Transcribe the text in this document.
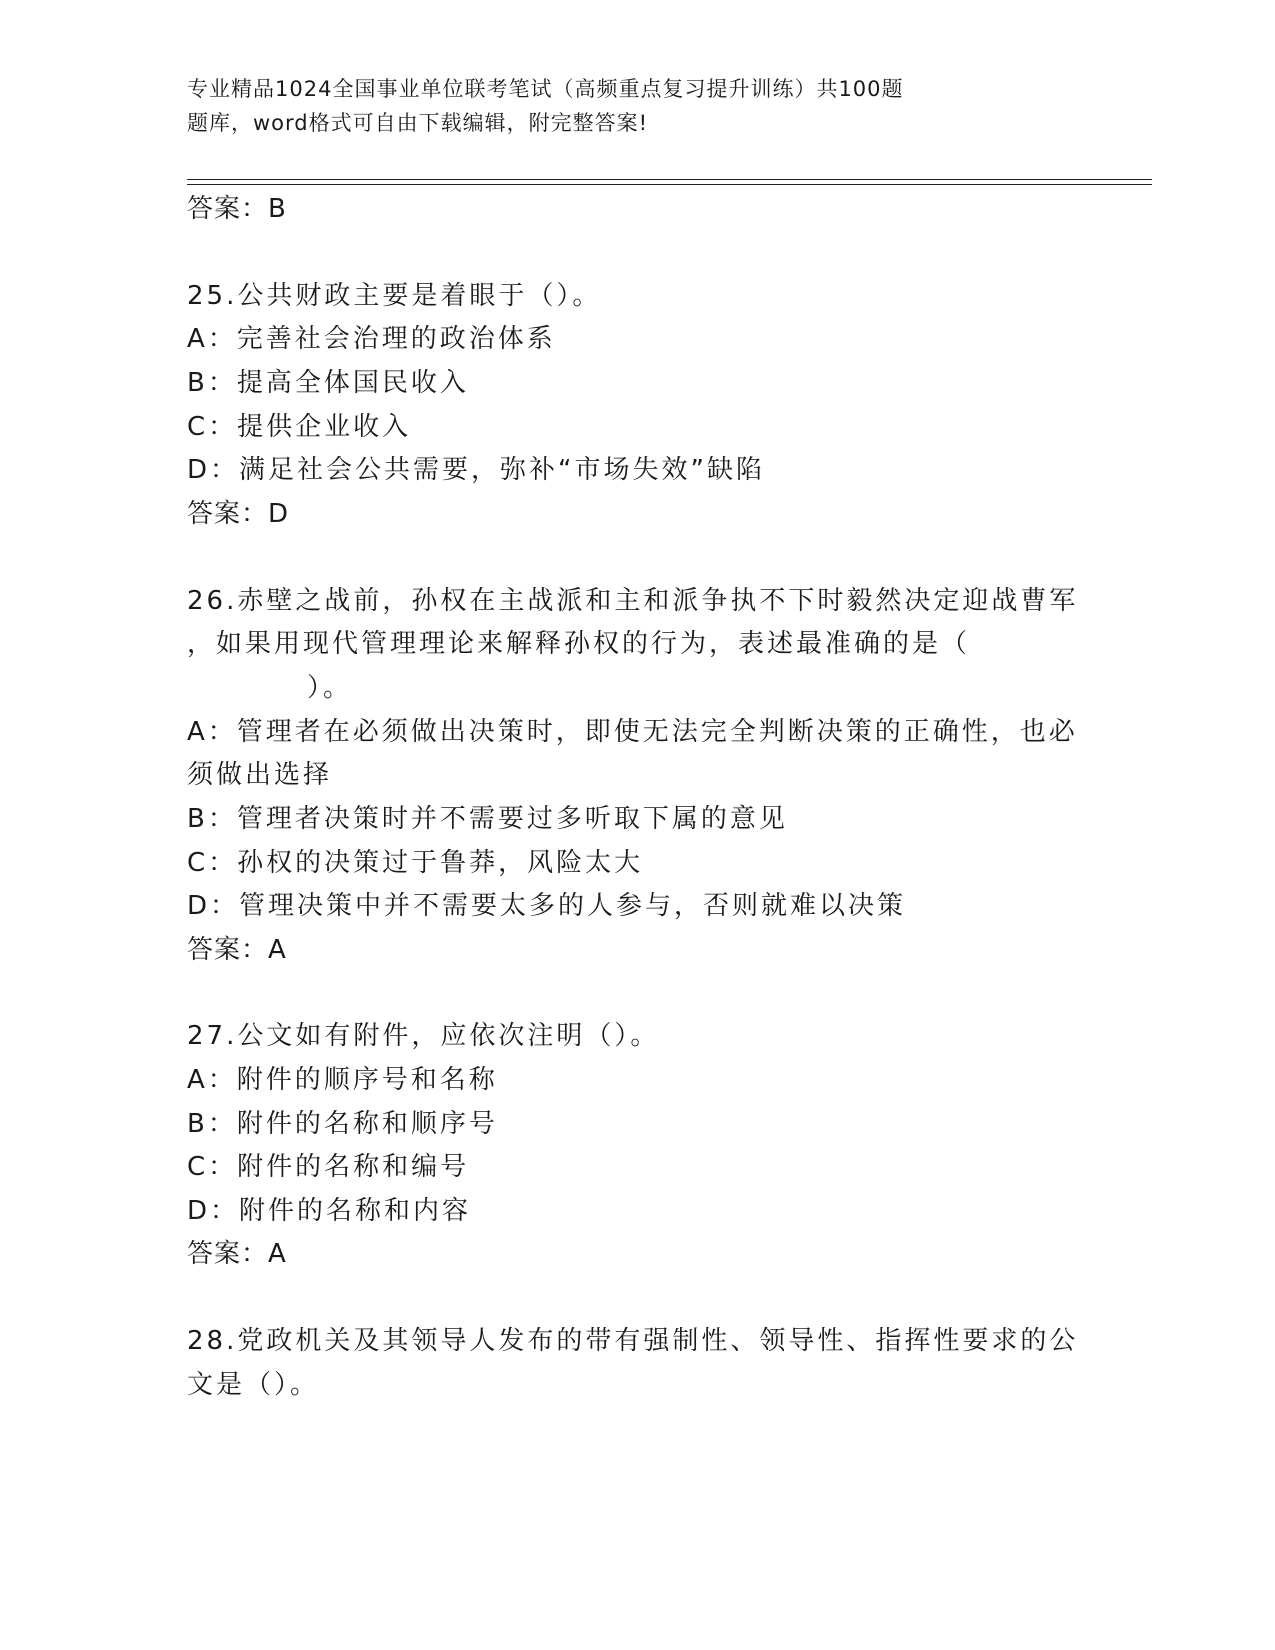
专业精品1024全国事业单位联考笔试（高频重点复习提升训练）共100题
题库，word格式可自由下载编辑，附完整答案!
答案：B
25.公共财政主要是着眼于（）。
A：完善社会治理的政治体系
B：提高全体国民收入
C：提供企业收入
D：满足社会公共需要，弥补“市场失效”缺陷
答案：D
26.赤壁之战前，孙权在主战派和主和派争执不下时毅然决定迎战曹军
，如果用现代管理理论来解释孙权的行为，表述最准确的是（
）。
A：管理者在必须做出决策时，即使无法完全判断决策的正确性，也必
须做出选择
B：管理者决策时并不需要过多听取下属的意见
C：孙权的决策过于鲁莽，风险太大
D：管理决策中并不需要太多的人参与，否则就难以决策
答案：A
27.公文如有附件，应依次注明（）。
A：附件的顺序号和名称
B：附件的名称和顺序号
C：附件的名称和编号
D：附件的名称和内容
答案：A
28.党政机关及其领导人发布的带有强制性、领导性、指挥性要求的公
文是（）。
